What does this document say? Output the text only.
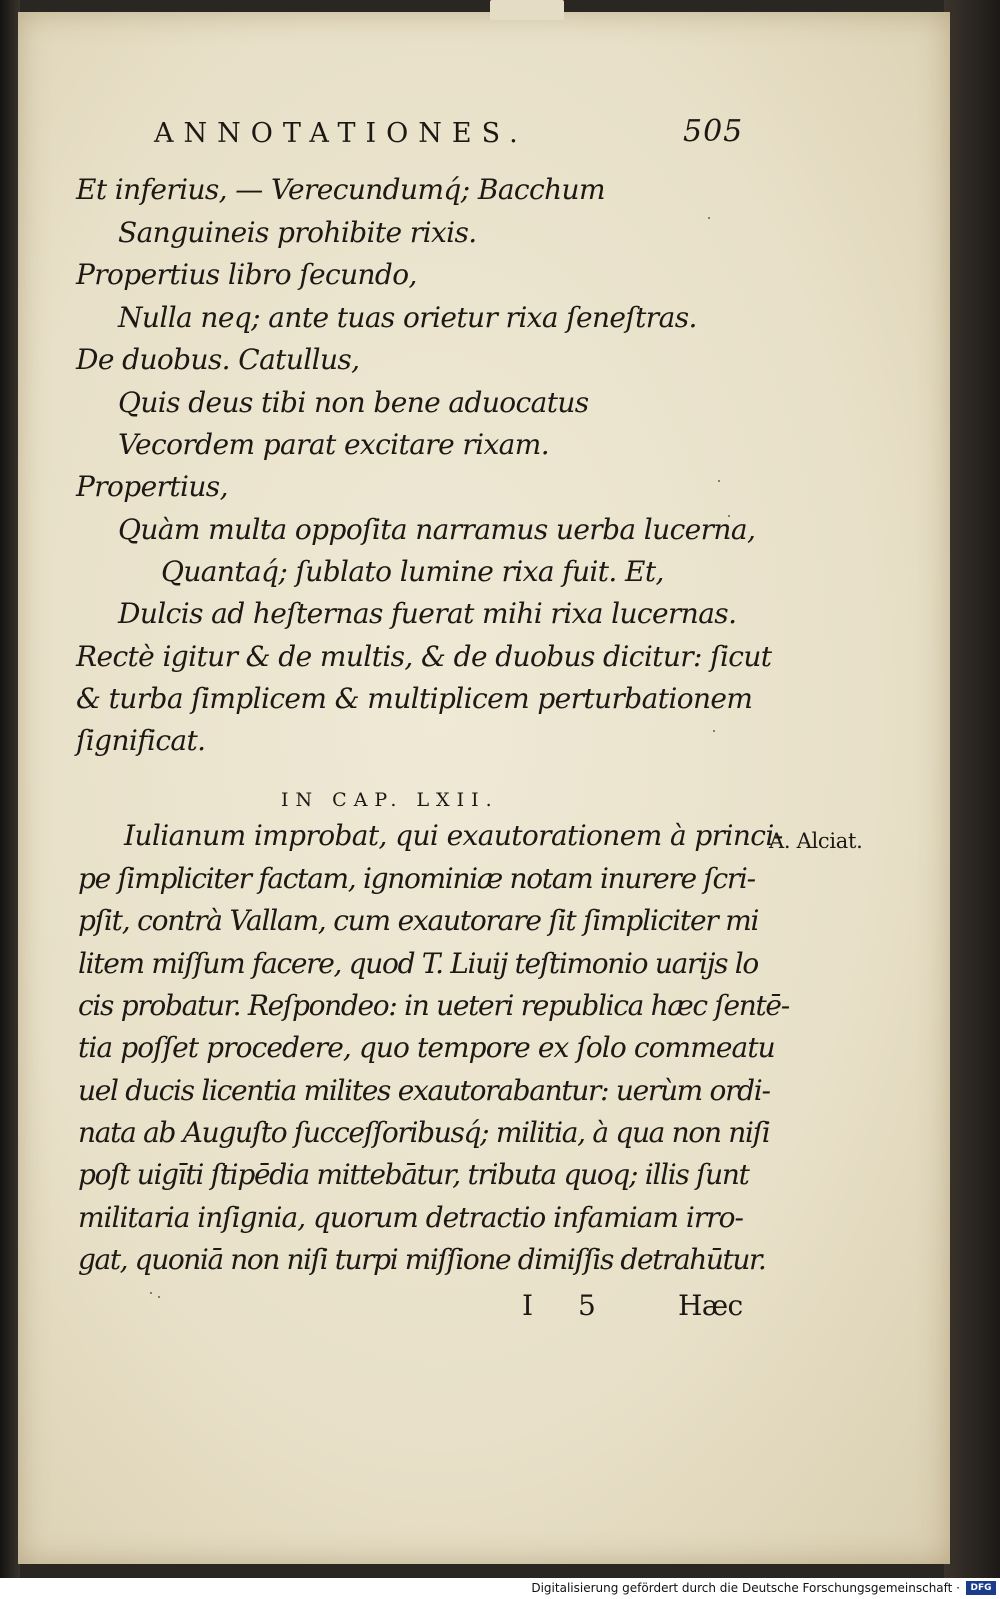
ANNOTATIONES.	505
Et inferius, — Verecundumq́; Bacchum
Sanguineis prohibite rixis.
Propertius libro ſecundo,
Nulla neq; ante tuas orietur rixa ſeneſtras.
De duobus. Catullus,
Quis deus tibi non bene aduocatus
Vecordem parat excitare rixam.
Propertius,
Quàm multa oppoſita narramus uerba lucerna,
Quantaq́; ſublato lumine rixa fuit. Et,
Dulcis ad heſternas fuerat mihi rixa lucernas.
Rectè igitur & de multis, & de duobus dicitur: ſicut
& turba ſimplicem & multiplicem perturbationem
ſignificat.
IN CAP. LXII.
A. Alciat.
Iulianum improbat, qui exautorationem à princi-
pe ſimpliciter factam, ignominiæ notam inurere ſcri-
pſit, contrà Vallam, cum exautorare ſit ſimpliciter mi
litem miſſum facere, quod T. Liuij teſtimonio uarijs lo
cis probatur. Reſpondeo: in ueteri republica hæc ſentē-
tia poſſet procedere, quo tempore ex ſolo commeatu
uel ducis licentia milites exautorabantur: uerùm ordi-
nata ab Auguſto ſucceſſoribusq́; militia, à qua non niſi
poſt uigīti ſtipēdia mittebātur, tributa quoq; illis ſunt
militaria inſignia, quorum detractio infamiam irro-
gat, quoniā non niſi turpi miſſione dimiſſis detrahūtur.
I 5 Hæc
Digitalisierung gefördert durch die Deutsche Forschungsgemeinschaft ·	DFG
